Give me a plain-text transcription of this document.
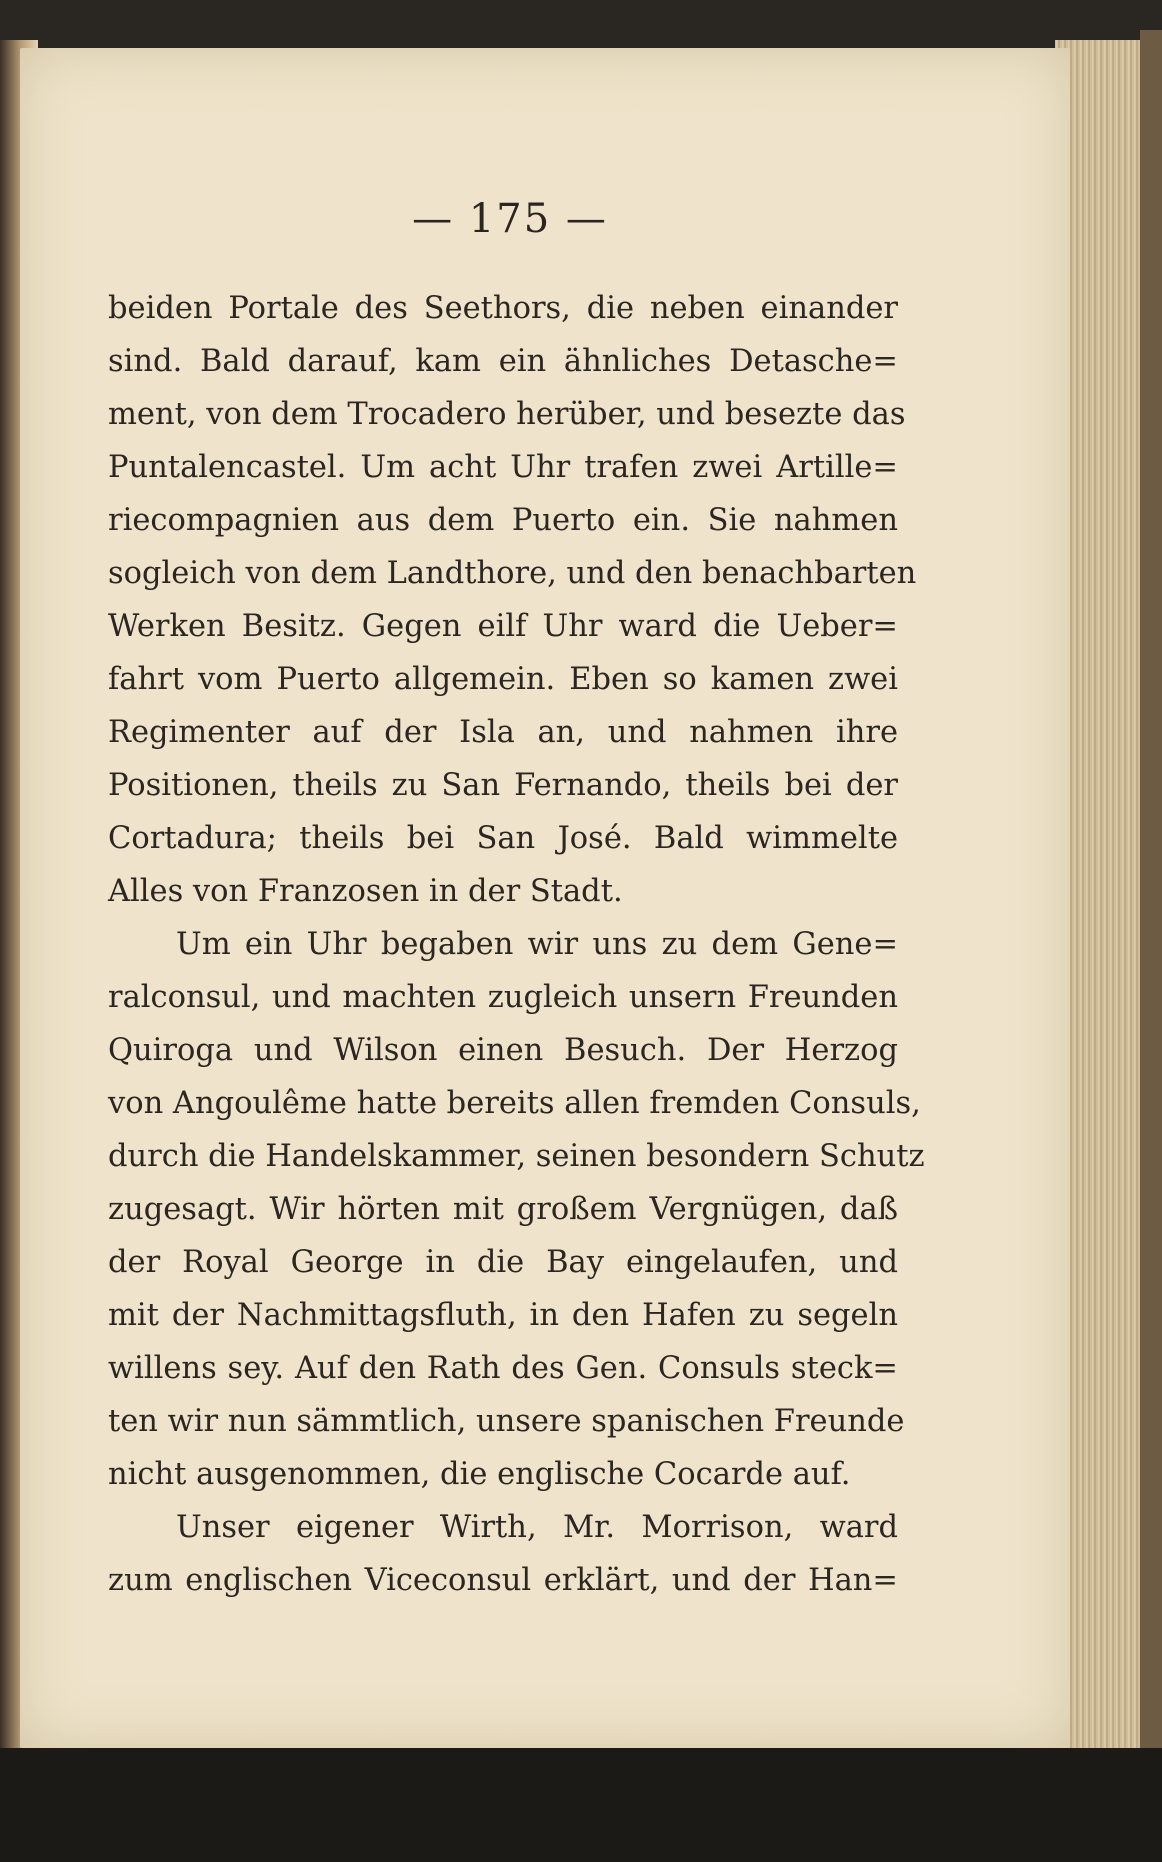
— 175 —
beiden Portale des Seethors, die neben einander
sind. Bald darauf, kam ein ähnliches Detasche=
ment, von dem Trocadero herüber, und besezte das
Puntalencastel. Um acht Uhr trafen zwei Artille=
riecompagnien aus dem Puerto ein. Sie nahmen
sogleich von dem Landthore, und den benachbarten
Werken Besitz. Gegen eilf Uhr ward die Ueber=
fahrt vom Puerto allgemein. Eben so kamen zwei
Regimenter auf der Isla an, und nahmen ihre
Positionen, theils zu San Fernando, theils bei der
Cortadura; theils bei San José. Bald wimmelte
Alles von Franzosen in der Stadt.
Um ein Uhr begaben wir uns zu dem Gene=
ralconsul, und machten zugleich unsern Freunden
Quiroga und Wilson einen Besuch. Der Herzog
von Angoulême hatte bereits allen fremden Consuls,
durch die Handelskammer, seinen besondern Schutz
zugesagt. Wir hörten mit großem Vergnügen, daß
der Royal George in die Bay eingelaufen, und
mit der Nachmittagsfluth, in den Hafen zu segeln
willens sey. Auf den Rath des Gen. Consuls steck=
ten wir nun sämmtlich, unsere spanischen Freunde
nicht ausgenommen, die englische Cocarde auf.
Unser eigener Wirth, Mr. Morrison, ward
zum englischen Viceconsul erklärt, und der Han=
